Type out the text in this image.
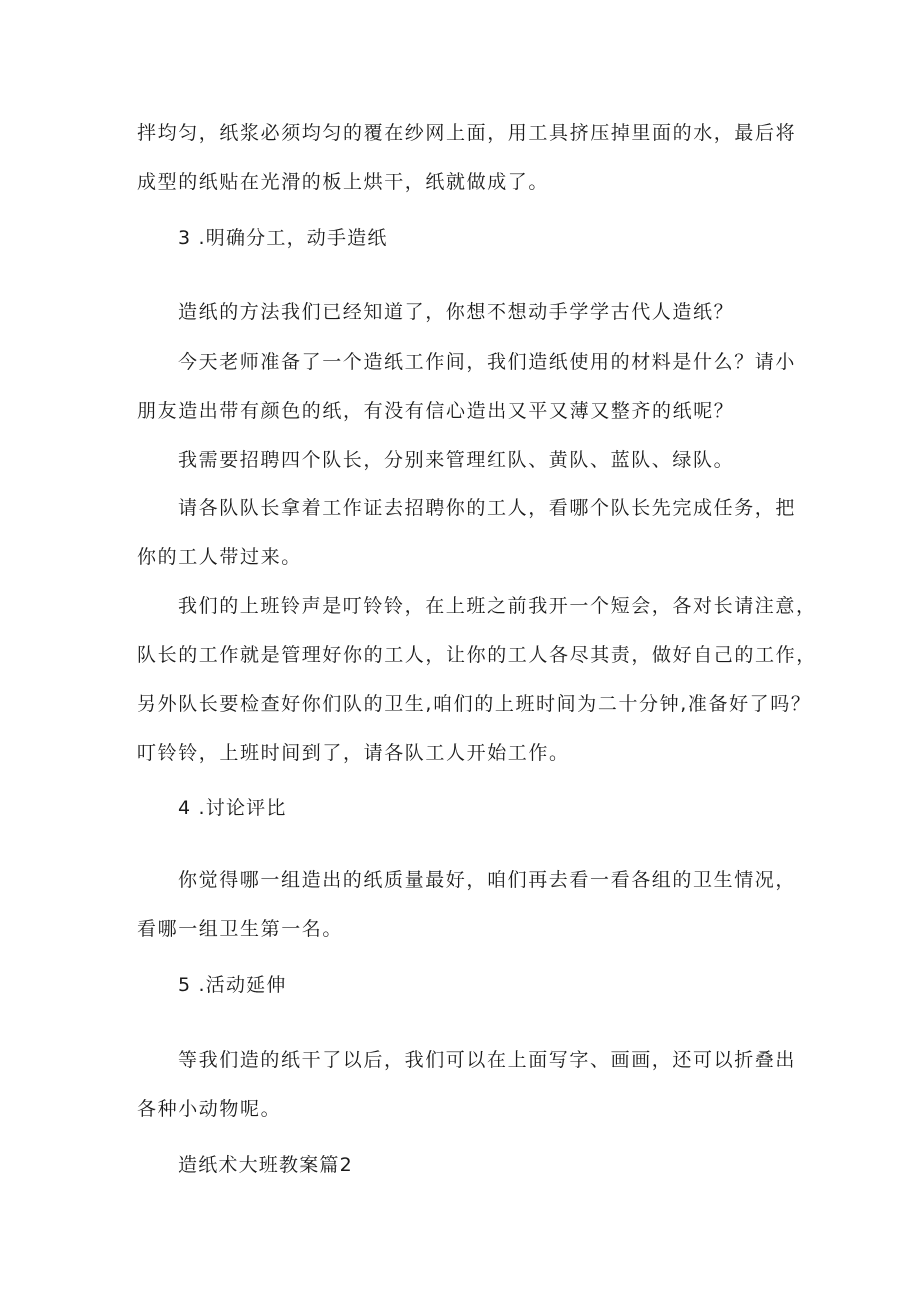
拌均匀，纸浆必须均匀的覆在纱网上面，用工具挤压掉里面的水，最后将
成型的纸贴在光滑的板上烘干，纸就做成了。
3 .明确分工，动手造纸
造纸的方法我们已经知道了，你想不想动手学学古代人造纸？
今天老师准备了一个造纸工作间，我们造纸使用的材料是什么？请小
朋友造出带有颜色的纸，有没有信心造出又平又薄又整齐的纸呢？
我需要招聘四个队长，分别来管理红队、黄队、蓝队、绿队。
请各队队长拿着工作证去招聘你的工人，看哪个队长先完成任务，把
你的工人带过来。
我们的上班铃声是叮铃铃，在上班之前我开一个短会，各对长请注意，
队长的工作就是管理好你的工人，让你的工人各尽其责，做好自己的工作，
另外队长要检查好你们队的卫生,咱们的上班时间为二十分钟,准备好了吗？
叮铃铃，上班时间到了，请各队工人开始工作。
4 .讨论评比
你觉得哪一组造出的纸质量最好，咱们再去看一看各组的卫生情况，
看哪一组卫生第一名。
5 .活动延伸
等我们造的纸干了以后，我们可以在上面写字、画画，还可以折叠出
各种小动物呢。
造纸术大班教案篇2
